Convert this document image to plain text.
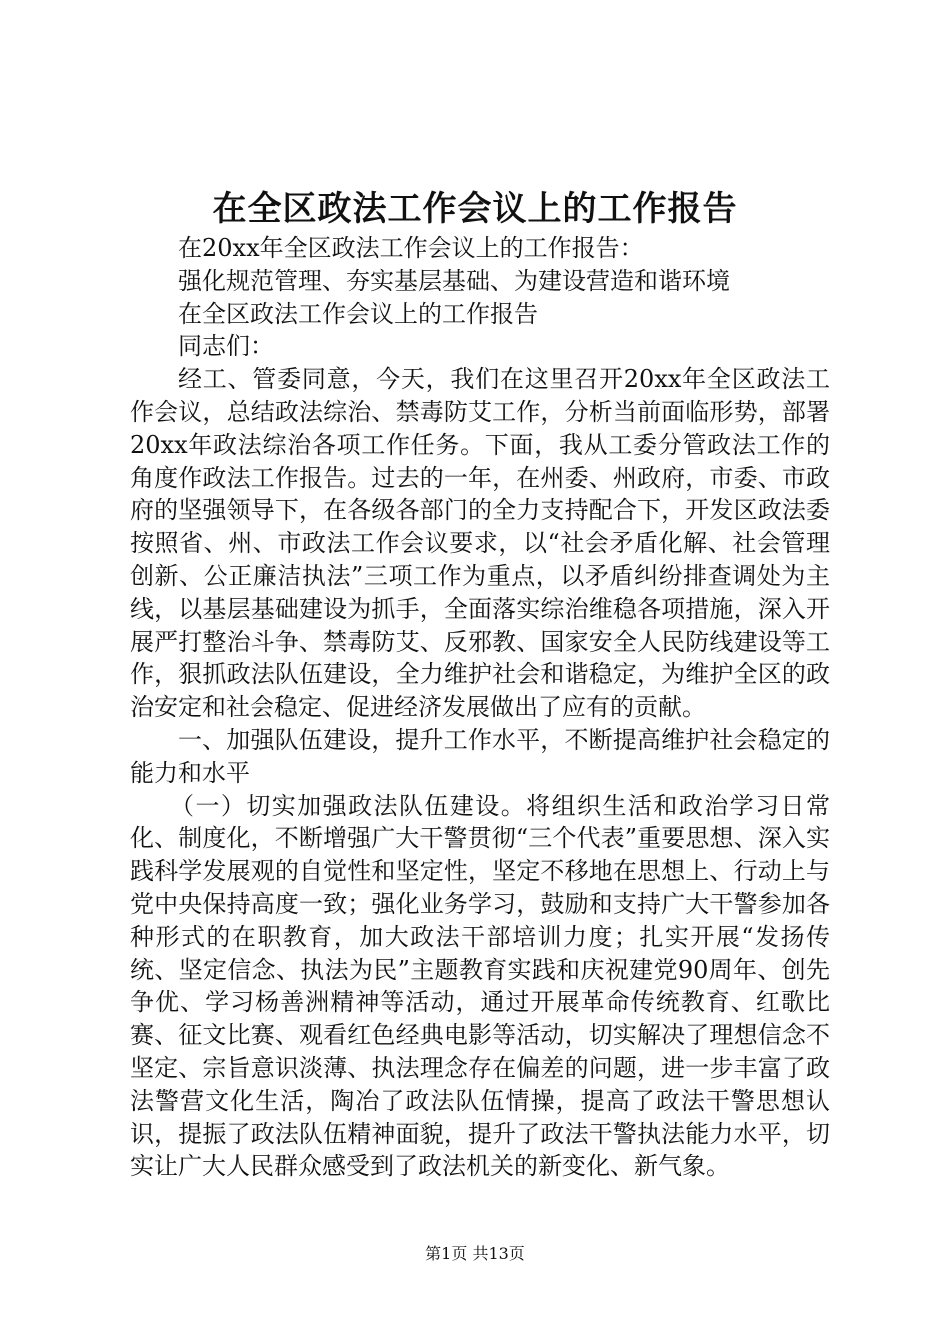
在全区政法工作会议上的工作报告

在20xx年全区政法工作会议上的工作报告：

强化规范管理、夯实基层基础、为建设营造和谐环境

在全区政法工作会议上的工作报告

同志们：

经工、管委同意，今天，我们在这里召开20xx年全区政法工作会议，总结政法综治、禁毒防艾工作，分析当前面临形势，部署20xx年政法综治各项工作任务。下面，我从工委分管政法工作的角度作政法工作报告。过去的一年，在州委、州政府，市委、市政府的坚强领导下，在各级各部门的全力支持配合下，开发区政法委按照省、州、市政法工作会议要求，以“社会矛盾化解、社会管理创新、公正廉洁执法”三项工作为重点，以矛盾纠纷排查调处为主线，以基层基础建设为抓手，全面落实综治维稳各项措施，深入开展严打整治斗争、禁毒防艾、反邪教、国家安全人民防线建设等工作，狠抓政法队伍建设，全力维护社会和谐稳定，为维护全区的政治安定和社会稳定、促进经济发展做出了应有的贡献。

一、加强队伍建设，提升工作水平，不断提高维护社会稳定的能力和水平

（一）切实加强政法队伍建设。将组织生活和政治学习日常化、制度化，不断增强广大干警贯彻“三个代表”重要思想、深入实践科学发展观的自觉性和坚定性，坚定不移地在思想上、行动上与党中央保持高度一致；强化业务学习，鼓励和支持广大干警参加各种形式的在职教育，加大政法干部培训力度；扎实开展“发扬传统、坚定信念、执法为民”主题教育实践和庆祝建党90周年、创先争优、学习杨善洲精神等活动，通过开展革命传统教育、红歌比赛、征文比赛、观看红色经典电影等活动，切实解决了理想信念不坚定、宗旨意识淡薄、执法理念存在偏差的问题，进一步丰富了政法警营文化生活，陶冶了政法队伍情操，提高了政法干警思想认识，提振了政法队伍精神面貌，提升了政法干警执法能力水平，切实让广大人民群众感受到了政法机关的新变化、新气象。

第1页 共13页
